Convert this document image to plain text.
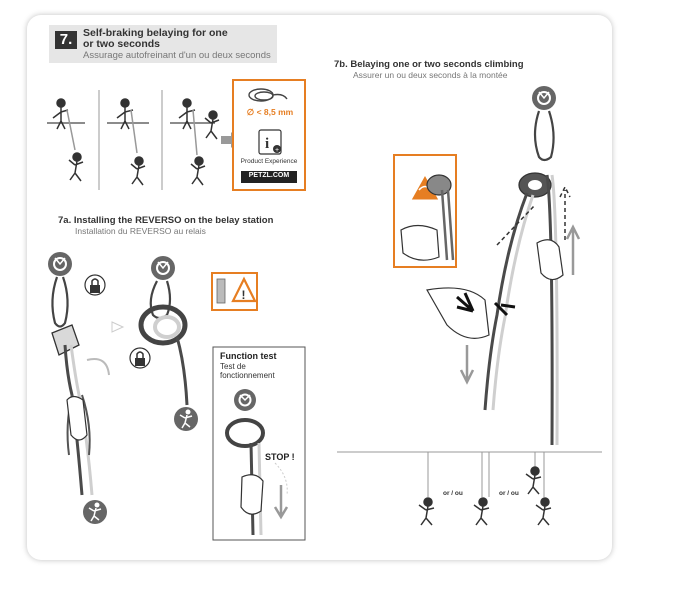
i +
!
7.	Self-braking belaying for one
or two seconds
Assurage autofreinant d'un ou deux seconds
∅ < 8,5 mm
Product Experience
PETZL.COM
7a. Installing the REVERSO on the belay station
Installation du REVERSO au relais
7b. Belaying one or two seconds climbing
Assurer un ou deux seconds à la montée
Function test
Test de
fonctionnement
STOP !
or / ou	or / ou
